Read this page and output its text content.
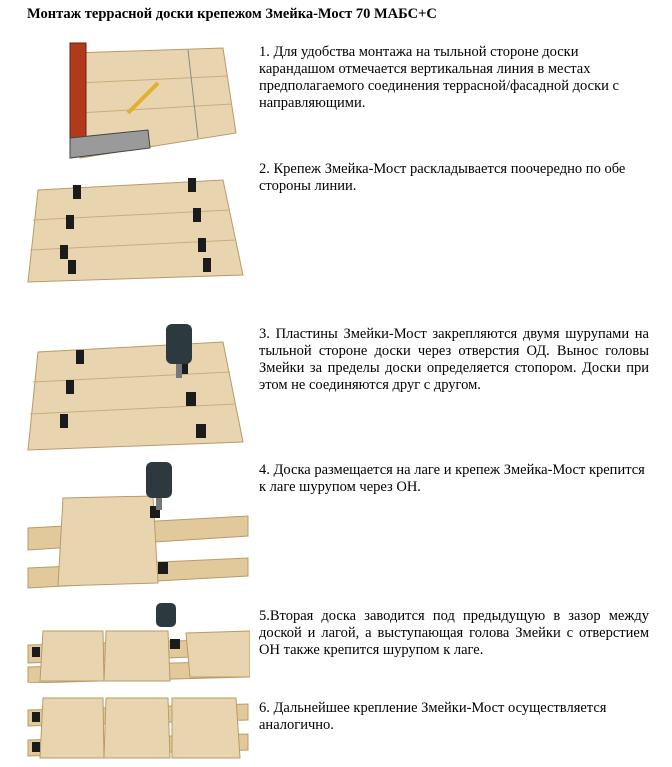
Монтаж террасной доски крепежом Змейка-Мост 70 МАБС+С
1. Для удобства монтажа на тыльной стороне доски карандашом отмечается вертикальная линия в местах предполагаемого соединения террасной/фасадной доски с направляющими.
2. Крепеж Змейка-Мост раскладывается поочередно по обе стороны линии.
3. Пластины Змейки-Мост закрепляются двумя шурупами на тыльной стороне доски через отверстия ОД. Вынос головы Змейки за пределы доски определяется стопором. Доски при этом не соединяются друг с другом.
4. Доска размещается на лаге и крепеж Змейка-Мост крепится к лаге шурупом через ОН.
5.Вторая доска заводится под предыдущую в зазор между доской и лагой, а выступающая голова Змейки с отверстием ОН также крепится шурупом к лаге.
6. Дальнейшее крепление Змейки-Мост осуществляется аналогично.
